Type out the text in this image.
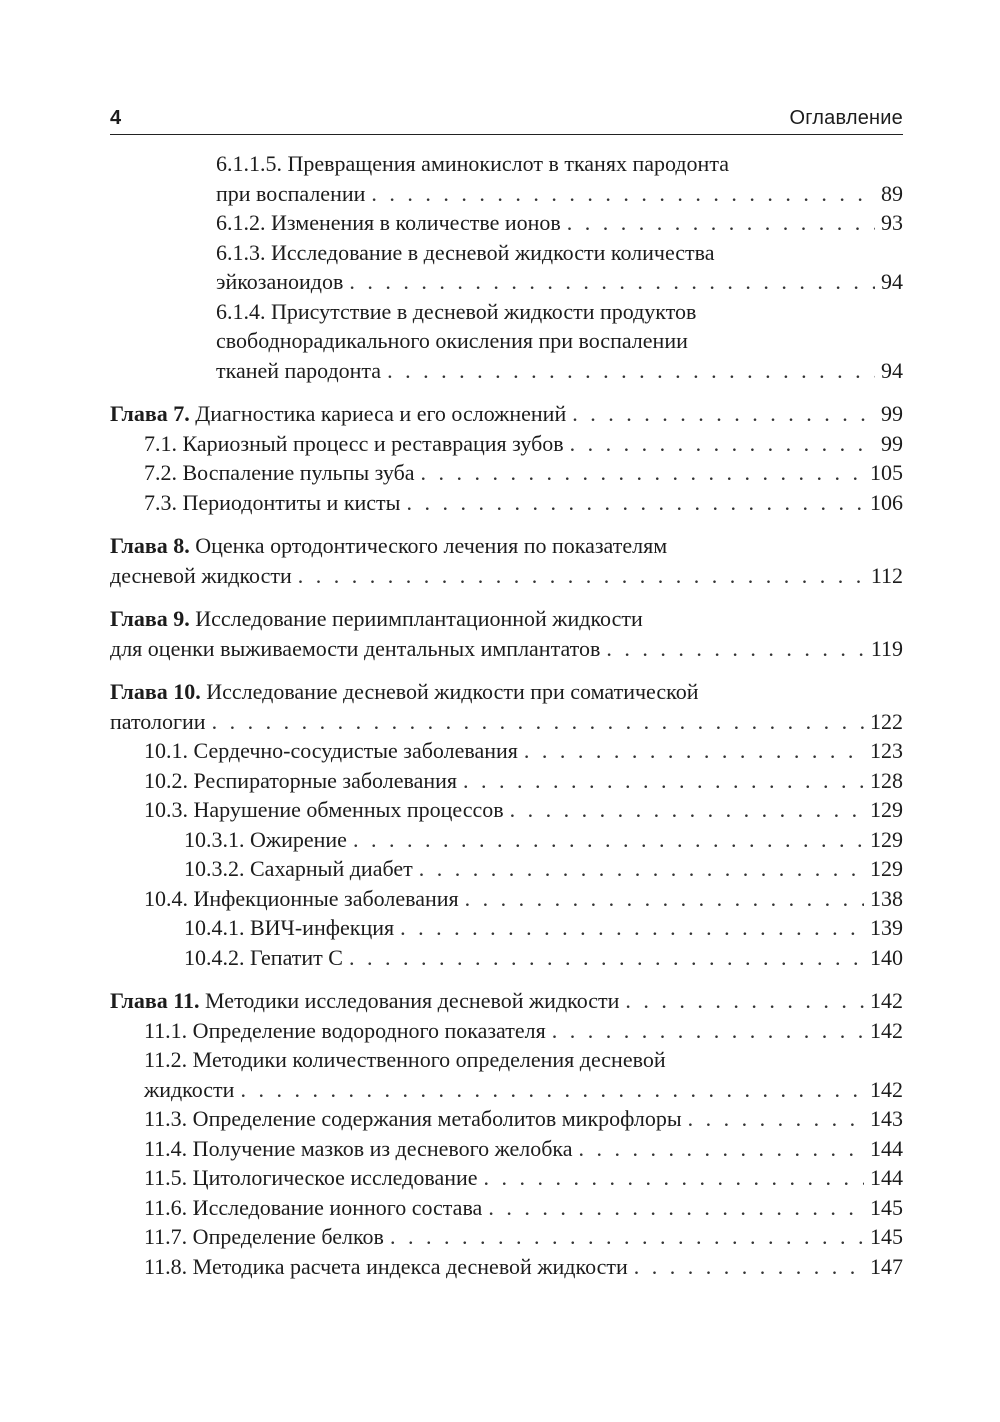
4	Оглавление
6.1.1.5. Превращения аминокислот в тканях пародонта
при воспалении . . .	89
6.1.2. Изменения в количестве ионов . . .	93
6.1.3. Исследование в десневой жидкости количества
эйкозаноидов . . .	94
6.1.4. Присутствие в десневой жидкости продуктов
свободнорадикального окисления при воспалении
тканей пародонта . . .	94
Глава 7. Диагностика кариеса и его осложнений . . .	99
7.1. Кариозный процесс и реставрация зубов . . .	99
7.2. Воспаление пульпы зуба . . .	105
7.3. Периодонтиты и кисты . . .	106
Глава 8. Оценка ортодонтического лечения по показателям
десневой жидкости . . .	112
Глава 9. Исследование периимплантационной жидкости
для оценки выживаемости дентальных имплантатов . . .	119
Глава 10. Исследование десневой жидкости при соматической
патологии . . .	122
10.1. Сердечно-сосудистые заболевания . . .	123
10.2. Респираторные заболевания . . .	128
10.3. Нарушение обменных процессов . . .	129
10.3.1. Ожирение . . .	129
10.3.2. Сахарный диабет . . .	129
10.4. Инфекционные заболевания . . .	138
10.4.1. ВИЧ-инфекция . . .	139
10.4.2. Гепатит С . . .	140
Глава 11. Методики исследования десневой жидкости . . .	142
11.1. Определение водородного показателя . . .	142
11.2. Методики количественного определения десневой
жидкости . . .	142
11.3. Определение содержания метаболитов микрофлоры . . .	143
11.4. Получение мазков из десневого желобка . . .	144
11.5. Цитологическое исследование . . .	144
11.6. Исследование ионного состава . . .	145
11.7. Определение белков . . .	145
11.8. Методика расчета индекса десневой жидкости . . .	147
